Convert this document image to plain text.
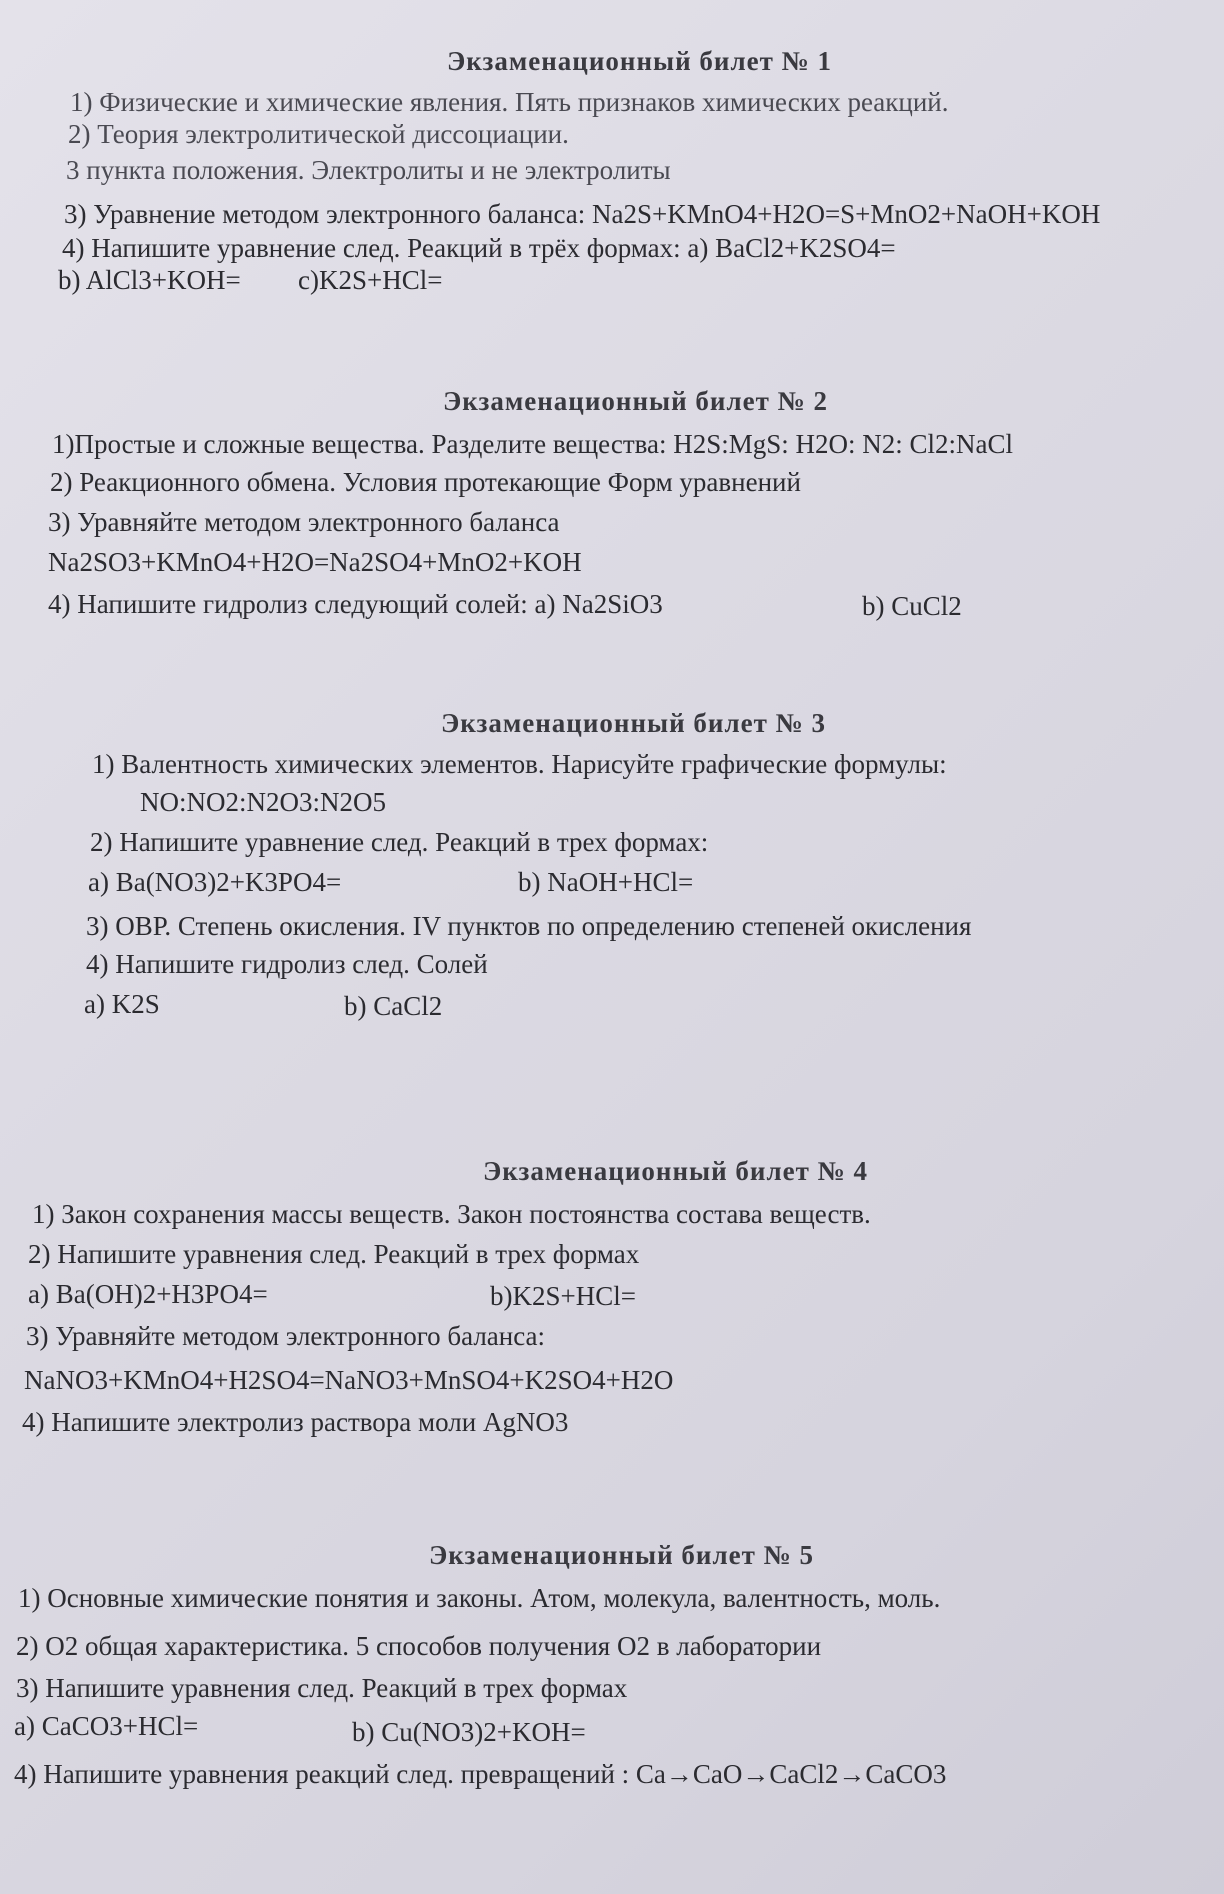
Экзаменационный билет № 1
1) Физические и химические явления. Пять признаков химических реакций.
2) Теория электролитической диссоциации.
3 пункта положения. Электролиты и не электролиты
3) Уравнение методом электронного баланса: Na2S+KMnO4+H2O=S+MnO2+NaOH+KOH
4) Напишите уравнение след. Реакций в трёх формах: a) BaCl2+K2SO4=
b) AlCl3+KOH= c)K2S+HCl=
Экзаменационный билет № 2
1)Простые и сложные вещества. Разделите вещества: H2S:MgS: H2O: N2: Cl2:NaCl
2) Реакционного обмена. Условия протекающие Форм уравнений
3) Уравняйте методом электронного баланса
Na2SO3+KMnO4+H2O=Na2SO4+MnO2+KOH
4) Напишите гидролиз следующий солей: а) Na2SiO3	b) CuCl2
Экзаменационный билет № 3
1) Валентность химических элементов. Нарисуйте графические формулы:
NO:NO2:N2O3:N2O5
2) Напишите уравнение след. Реакций в трех формах:
a) Ba(NO3)2+K3PO4=	b) NaOH+HCl=
3) ОВР. Степень окисления. IV пунктов по определению степеней окисления
4) Напишите гидролиз след. Солей
a) K2S	b) CaCl2
Экзаменационный билет № 4
1) Закон сохранения массы веществ. Закон постоянства состава веществ.
2) Напишите уравнения след. Реакций в трех формах
a) Ba(OH)2+H3PO4=	b)K2S+HCl=
3) Уравняйте методом электронного баланса:
NaNO3+KMnO4+H2SO4=NaNO3+MnSO4+K2SO4+H2O
4) Напишите электролиз раствора моли AgNO3
Экзаменационный билет № 5
1) Основные химические понятия и законы. Атом, молекула, валентность, моль.
2) O2 общая характеристика. 5 способов получения O2 в лаборатории
3) Напишите уравнения след. Реакций в трех формах
a) CaCO3+HCl=	b) Cu(NO3)2+KOH=
4) Напишите уравнения реакций след. превращений : Ca→CaO→CaCl2→CaCO3
